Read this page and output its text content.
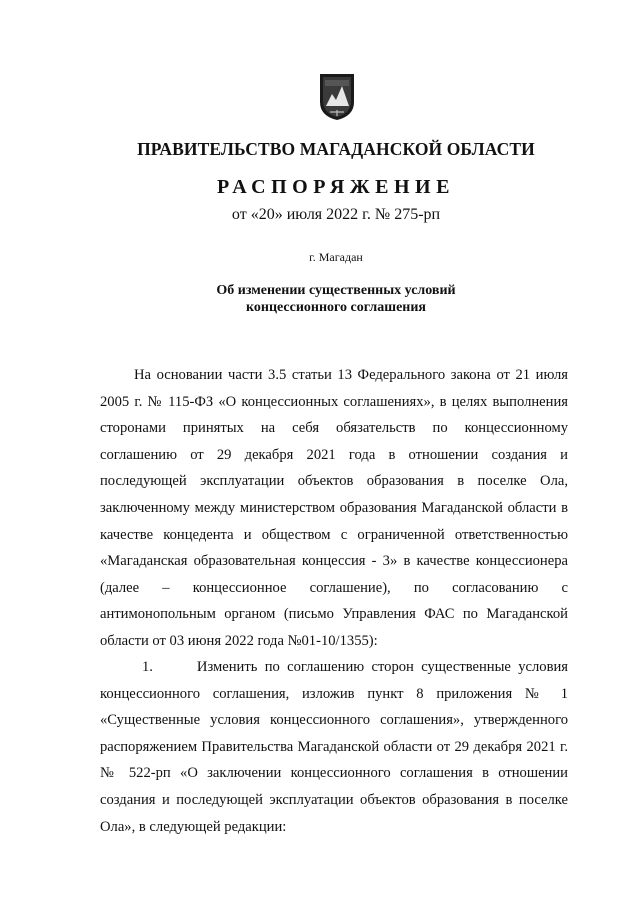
ПРАВИТЕЛЬСТВО МАГАДАНСКОЙ ОБЛАСТИ
РАСПОРЯЖЕНИЕ
от «20» июля 2022 г. № 275-рп
г. Магадан
Об изменении существенных условий
концессионного соглашения
На основании части 3.5 статьи 13 Федерального закона от 21 июля 2005 г. № 115-ФЗ «О концессионных соглашениях», в целях выполнения сторонами принятых на себя обязательств по концессионному соглашению от 29 декабря 2021 года в отношении создания и последующей эксплуатации объектов образования в поселке Ола, заключенному между министерством образования Магаданской области в качестве концедента и обществом с ограниченной ответственностью «Магаданская образовательная концессия - 3» в качестве концессионера (далее – концессионное соглашение), по согласованию с антимонопольным органом (письмо Управления ФАС по Магаданской области от 03 июня 2022 года №01-10/1355):
1.      Изменить по соглашению сторон существенные условия концессионного соглашения, изложив пункт 8 приложения № 1 «Существенные условия концессионного соглашения», утвержденного распоряжением Правительства Магаданской области от 29 декабря 2021 г. № 522-рп «О заключении концессионного соглашения в отношении создания и последующей эксплуатации объектов образования в поселке Ола», в следующей редакции:
